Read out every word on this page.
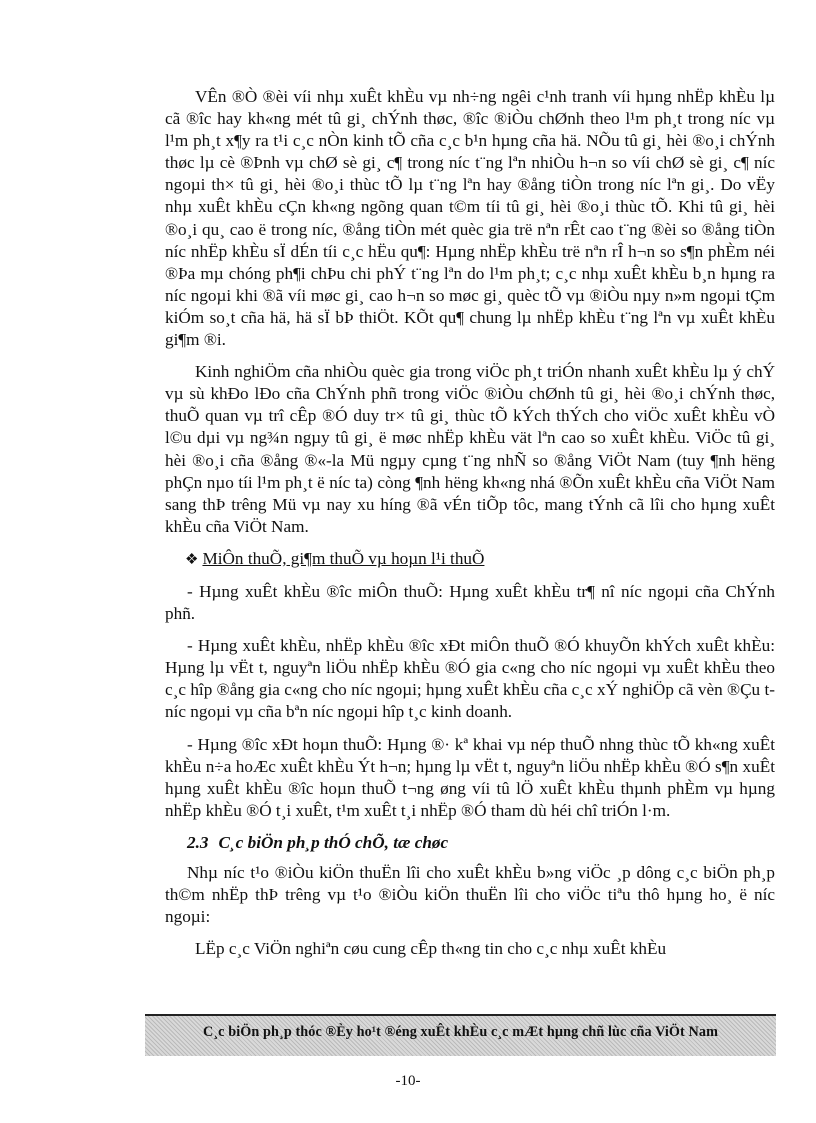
VÊn ®Ò ®èi víi nhµ xuÊt khÈu vµ nh÷ng ngêi c¹nh tranh víi hµng nhËp khÈu lµ cã ®îc hay kh«ng mét tû gi¸ chÝnh thøc, ®îc ®iÒu chØnh theo l¹m ph¸t trong níc vµ l¹m ph¸t x¶y ra t¹i c¸c nÒn kinh tÕ cña c¸c b¹n hµng cña hä. NÕu tû gi¸ hèi ®o¸i chÝnh thøc lµ cè ®Þnh vµ chØ sè gi¸ c¶ trong níc t¨ng lªn nhiÒu h¬n so víi chØ sè gi¸ c¶ níc ngoµi th× tû gi¸ hèi ®o¸i thùc tÕ lµ t¨ng lªn hay ®ång tiÒn trong níc lªn gi¸. Do vËy nhµ xuÊt khÈu cÇn kh«ng ngõng quan t©m tíi tû gi¸ hèi ®o¸i thùc tÕ. Khi tû gi¸ hèi ®o¸i qu¸ cao ë trong níc, ®ång tiÒn mét quèc gia trë nªn rÊt cao t¨ng ®èi so ®ång tiÒn níc nhËp khÈu sÏ dÉn tíi c¸c hËu qu¶: Hµng nhËp khÈu trë nªn rÎ h¬n so s¶n phÈm néi ®Þa mµ chóng ph¶i chÞu chi phÝ t¨ng lªn do l¹m ph¸t; c¸c nhµ xuÊt khÈu b¸n hµng ra níc ngoµi khi ®ã víi møc gi¸ cao h¬n so møc gi¸ quèc tÕ vµ ®iÒu nµy n»m ngoµi tÇm kiÓm so¸t cña hä, hä sÏ bÞ thiÖt. KÕt qu¶ chung lµ nhËp khÈu t¨ng lªn vµ xuÊt khÈu gi¶m ®i.

Kinh nghiÖm cña nhiÒu quèc gia trong viÖc ph¸t triÓn nhanh xuÊt khÈu lµ ý chÝ vµ sù khÐo lÐo cña ChÝnh phñ trong viÖc ®iÒu chØnh tû gi¸ hèi ®o¸i chÝnh thøc, thuÕ quan vµ trî cÊp ®Ó duy tr× tû gi¸ thùc tÕ kÝch thÝch cho viÖc xuÊt khÈu vÒ l©u dµi vµ ng¾n ngµy tû gi¸ ë møc nhËp khÈu vät lªn cao so xuÊt khÈu. ViÖc tû gi¸ hèi ®o¸i cña ®ång ®«-la Mü ngµy cµng t¨ng nhÑ so ®ång ViÖt Nam (tuy ¶nh hëng phÇn nµo tíi l¹m ph¸t ë níc ta) còng ¶nh hëng kh«ng nhá ®Õn xuÊt khÈu cña ViÖt Nam sang thÞ trêng Mü vµ nay xu híng ®ã vÉn tiÕp tôc, mang tÝnh cã lîi cho hµng xuÊt khÈu cña ViÖt Nam.

❖ MiÔn thuÕ, gi¶m thuÕ vµ hoµn l¹i thuÕ

- Hµng xuÊt khÈu ®îc miÔn thuÕ: Hµng xuÊt khÈu tr¶ nî níc ngoµi cña ChÝnh phñ.

- Hµng xuÊt khÈu, nhËp khÈu ®îc xÐt miÔn thuÕ ®Ó khuyÕn khÝch xuÊt khÈu: Hµng lµ vËt t, nguyªn liÖu nhËp khÈu ®Ó gia c«ng cho níc ngoµi vµ xuÊt khÈu theo c¸c hîp ®ång gia c«ng cho níc ngoµi; hµng xuÊt khÈu cña c¸c xÝ nghiÖp cã vèn ®Çu t níc ngoµi vµ cña bªn níc ngoµi hîp t¸c kinh doanh.

- Hµng ®îc xÐt hoµn thuÕ: Hµng ®· kª khai vµ nép thuÕ nhng thùc tÕ kh«ng xuÊt khÈu n÷a hoÆc xuÊt khÈu Ýt h¬n; hµng lµ vËt t, nguyªn liÖu nhËp khÈu ®Ó s¶n xuÊt hµng xuÊt khÈu ®îc hoµn thuÕ t¬ng øng víi tû lÖ xuÊt khÈu thµnh phÈm vµ hµng nhËp khÈu ®Ó t¸i xuÊt, t¹m xuÊt t¸i nhËp ®Ó tham dù héi chî triÓn l·m.

2.3 C¸c biÖn ph¸p thÓ chÕ, tæ chøc

Nhµ níc t¹o ®iÒu kiÖn thuËn lîi cho xuÊt khÈu b»ng viÖc ¸p dông c¸c biÖn ph¸p th©m nhËp thÞ trêng vµ t¹o ®iÒu kiÖn thuËn lîi cho viÖc tiªu thô hµng ho¸ ë níc ngoµi:

LËp c¸c ViÖn nghiªn cøu cung cÊp th«ng tin cho c¸c nhµ xuÊt khÈu

C¸c biÖn ph¸p thóc ®Èy ho¹t ®éng xuÊt khÈu c¸c mÆt hµng chñ lùc cña ViÖt Nam
-10-
